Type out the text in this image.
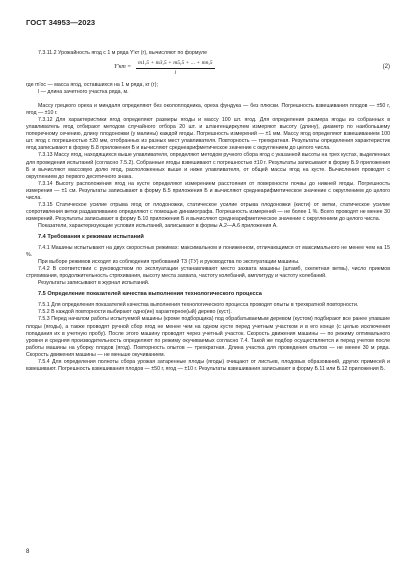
ГОСТ 34953—2023

7.3.11.2 Урожайность ягод с 1 м ряда Y'кт (г), вычисляют по формуле

$Y'кт = \frac{m1,5 + m3,5 + m5,5 + ... + mn,5}{l}$	(2)

где m'ос — масса ягод, оставшихся на 1 м ряда, кг (г);

l — длина зачетного участка ряда, м.

Массу грецкого ореха и миндаля определяют без околоплодника, ореха фундука — без плюски. Погрешность взвешивания плодов — ±50 г, ягод — ±10 г.

7.3.12 Для характеристики ягод определяют размеры ягоды и массу 100 шт. ягод. Для определения размера ягоды из собранных в улавливатель ягод отбирают методом случайного отбора 20 шт. и штангенциркулем измеряют высоту (длину), диаметр по наибольшему поперечному сечению, длину плодоножки (у малины) каждой ягоды. Погрешность измерений — ±1 мм. Массу ягод определяют взвешиванием 100 шт. ягод с погрешностью ±20 мм, отобранных из разных мест улавливателя. Повторность — трехкратная. Результаты определения характеристик ягод записывают в форму Б.8 приложения Б и вычисляют среднеарифметическое значение с округлением до целого числа.

7.3.13 Массу ягод, находящихся выше улавливателя, определяют методом ручного сбора ягод с указанной высоты на трех кустах, выделенных для проведения испытаний (согласно 7.5.2). Собранные ягоды взвешивают с погрешностью ±10 г. Результаты записывают в форму Б.9 приложения Б и вычисляют массовую долю ягод, расположенных выше и ниже улавливателя, от общей массы ягод на кусте. Вычисления проводят с округлением до первого десятичного знака.

7.3.14 Высоту расположения ягод на кусте определяют измерением расстояния от поверхности почвы до нижней ягоды. Погрешность измерения — ±1 см. Результаты записывают в форму Б.5 приложения Б и вычисляют среднеарифметическое значение с округлением до целого числа.

7.3.15 Статическое усилие отрыва ягод от плодоножки, статическое усилие отрыва плодоножки (кисти) от ветки, статическое усилие сопротивления ветки раздавливанию определяют с помощью динамографа. Погрешность измерений — не более 1 %. Всего проводят не менее 30 измерений. Результаты записывают в форму Б.10 приложения Б и вычисляют среднеарифметическое значение с округлением до целого числа.

Показатели, характеризующие условия испытаний, записывают в формы А.2—А.6 приложения А.

7.4 Требования к режимам испытаний

7.4.1 Машины испытывают на двух скоростных режимах: максимальном и пониженном, отличающимся от максимального не менее чем на 15 %.

При выборе режимов исходят из соблюдения требований ТЗ (ТУ) и руководства по эксплуатации машины.

7.4.2 В соответствии с руководством по эксплуатации устанавливают место захвата машины (штамб, скелетная ветвь), число приемов стряхивания, продолжительность стряхивания, высоту места захвата, частоту колебаний, амплитуду и частоту колебаний.

Результаты записывают в журнал испытаний.

7.5 Определение показателей качества выполнения технологического процесса

7.5.1 Для определения показателей качества выполнения технологического процесса проводят опыты в трехкратной повторности.

7.5.2 В каждой повторности выбирают одно(ин) характерное(ый) дерево (куст).

7.5.3 Перед началом работы испытуемой машины (кроме подборщика) под обрабатываемым деревом (кустом) подбирают все ранее упавшие плоды (ягоды), а также проводят ручной сбор ягод не менее чем на одном кусте перед учетным участком и в его конце (с целью исключения попадания их в учетную пробу). После этого машину проводят через учетный участок. Скорость движения машины — по режиму оптимального уровня и средняя производительность определяют по режиму окучиваемых согласно 7.4. Такой же подбор осуществляется и перед учетом после работы машины на уборку плодов (ягод). Повторность опытов — трехкратная. Длина участка для проведения опытов — не менее 30 м ряда. Скорость движения машины — не меньше окучиванием.

7.5.4 Для определения полноты сбора урожая затаренные плоды (ягоды) очищают от листьев, плодовых образований, других примесей и взвешивают. Погрешность взвешивания плодов — ±50 г, ягод — ±10 г. Результаты взвешивания записывают в форму Б.11 или Б.12 приложения Б.

8
